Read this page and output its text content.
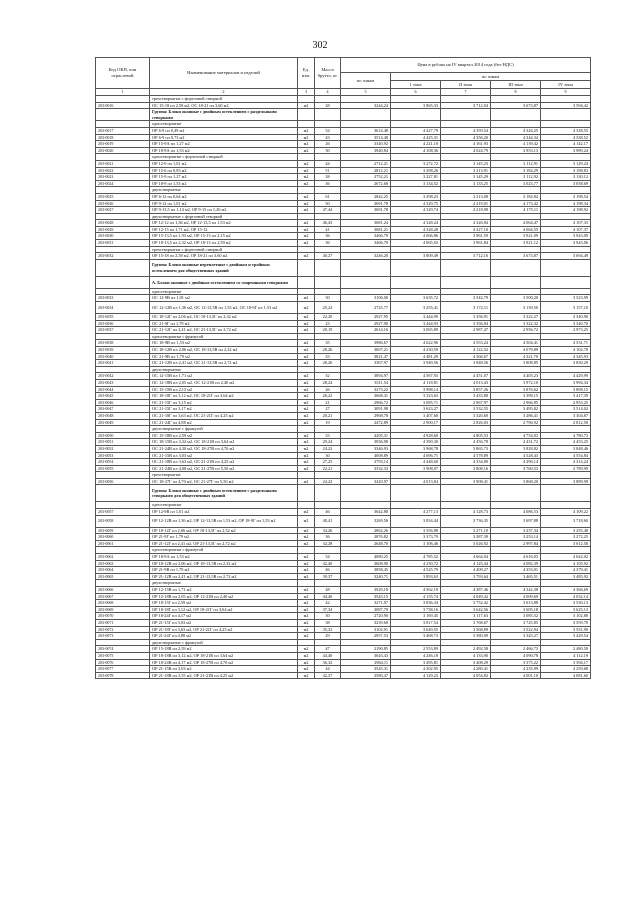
302
Код ОКП, или отраслевой	Наименование материалов и изделий	Ед. изм.	Масса брутто, кг	Цена в рублях на IV квартал 2014 года (без НДС)				
				по зонам	по зонам			
					1 зона	II зона	III зона	IV зона
1	2	3	4	5	6	7	8	9
	трехстворчатые с форточной створкой							
203-0016	ОС 15-18 пл 2,58 м2, ОС 18-21 пл 3,60 м2	м2	28	3244,24	3 865,33	3 712,04	3 673,87	3 594,42
	Группа: Блоки оконные с двойным остеклением с раздельными створками							
	одностворчатые							
203-0017	ОР 6-9 пл 0,49 м2	м2	54	3614,48	4 427,79	4 359,54	4 344,25	4 338,55
203-0018	ОР 6-9 пл 0,73 м2	м2	43	3514,48	4 425,31	4 356,20	4 344,34	4 338,52
203-0019	ОР 15-9А пл 1,27 м2	м2	26	3340,92	4 221,10	4 161,93	4 139,42	4 142,17
203-0020	ОР 18-9А пл 1,53 м2	м2	30	3940,84	4 108,36	4 024,79	3 953,13	3 989,24
	одностворчатые с форточной створкой							
203-0021	ОР 12-9 пл 1,01 м2	м2	44	2712,21	3 272,72	3 145,23	3 112,91	3 129,24
203-0022	ОР 15-6 пл 0,83 м2	м2	51	2812,21	3 298,26	3 213,91	3 184,29	3 198,83
203-0023	ОР 15-9 пл 1,27 м2	м2	38	2752,21	3 227,81	3 145,29	3 112,92	3 130,12
203-0024	ОР 18-9 пл 1,53 м2	м2	36	2672,68	3 134,52	3 133,25	3 023,77	3 038,69
	двухстворчатые							
203-0025	ОР 6-12 пл 0,64 м2	м2	61	2842,25	3 298,23	3 213,08	3 184,84	3 198,54
203-0026	ОР 9-12 пл 1,01 м2	м2	50	3691,78	4 329,75	4 219,01	4 173,42	4 198,34
203-0027	ОР 9-13,5 пл 1,14 м2, ОР 9-15 пл 1,26 м2	м2	47,44	3691,78	4 329,74	4 218,98	4 175,11	4 198,92
	двухстворчатые с форточной створкой							
203-0028	ОР 12-12 пл 1,36 м2, ОР 12-13,5 пл 1,53 м2	м2	46,43	3681,24	4 328,24	4 326,84	4 064,47	4 107,33
203-0029	ОР 12-15 пл 1,71 м2, ОР 15-12	м2	41	3681,21	4 328,28	4 327,10	4 064,55	4 107,37
203-0030	ОР 15-13,5 пл 1,93 м2, ОР 15-15 пл 2,15 м2	м2	36	3466,79	4 066,86	3 961,59	3 921,09	3 943,09
203-0031	ОР 18-13,5 пл 2,32 м2, ОР 18-15 пл 2,59 м2	м2	36	3466,79	4 065,92	3 961,84	3 921,12	3 943,06
	трехстворчатые с форточной створкой							
203-0032	ОР 15-18 пл 2,58 м2, ОР 18-21 пл 3,60 м2	м2	40,27	3246,20	3 809,49	3 712,16	3 673,87	3 694,49
	Группа: Блоки оконные переплетные с двойным и тройным остеклением для общественных зданий							
	А. Блоки оконные с двойным остеклением со спаренными створками							
	одностворчатые							
203-0033	ОС 12-9В пл 1,01 м2	м2	30	3106,00	3 635,72	3 542,79	3 500,20	3 523,99
203-0034	ОС 12-12В пл 1,36 м2, ОС 12-13,5В пл 1,53 м2, ОС 18-9Г пл 1,53 м2	м2	25,24	2725,77	3 255,41	3 172,11	3 139,50	3 157,10
203-0035	ОС 18-12Г пл 2,06 м2, ОС 18-13,5Г пл 2,32 м2	м2	22,20	2927,95	3 444,99	3 356,91	3 322,27	3 340,90
203-0036	ОС 21-9Г пл 1,79 м2	м2	23	2927,90	3 444,93	3 356,84	3 322,32	3 340,70
203-0037	ОС 21-12Г пл 2,41 м2, ОС 21-13,5Г пл 2,72 м2	м2	20,19	2614,16	3 065,89	2 987,47	2 956,72	2 973,25
	одностворчатые с фрамугой							
203-0038	ОС 18-9В пл 1,53 м2	м2	35	3986,67	4 622,96	4 553,24	4 504,41	4 531,71
203-0039	ОС 18-12В пл 2,06 м2, ОС 18-13,5В пл 2,32 м2	м2	28,26	3607,21	4 230,59	4 122,32	4 079,89	4 102,78
203-0040	ОС 21-9В пл 1,79 м2	м2	33	3821,47	4 481,29	4 366,67	4 321,70	4 345,93
203-0041	ОС 21-12В пл 2,41 м2, ОС 21-13,5В пл 2,72 м2	м2	28,26	3367,97	3 949,56	3 848,56	3 808,85	3 830,29
	двухстворчатые							
203-0042	ОС 12-15В пл 1,71 м2	м2	32	3894,97	4 567,93	4 451,07	4 405,23	4 429,99
203-0043	ОС 12-18В пл 2,05 м2, ОС 12-21В пл 2,40 м2	м2	28,24	3511,54	4 118,81	4 013,43	3 972,10	3 994,34
203-0044	ОС 15-15В пл 2,15 м2	м2	26	3273,22	3 998,14	3 857,26	3 876,62	3 898,15
203-0045	ОС 18-18Г пл 3,12 м2, ОС 18-21Г пл 3,64 м2	м2	26,22	3668,41	3 323,63	3 433,88	3 398,15	3 417,39
203-0046	ОС 21-15Г пл 3,15 м2	м2	21	2966,72	3 085,71	2 967,97	2 966,85	2 953,25
203-0047	ОС 21-15Г пл 3,17 м2	м2	27	3091,98	3 623,27	3 532,55	3 495,82	3 514,02
203-0048	ОС 21-18Г пл 3,63 м2, ОС 21-21Г пл 4,25 м2	м2	20,21	2968,78	3 407,60	3 320,60	3 286,41	3 304,87
203-0049	ОС 21-24Г пл 4,88 м2	м2	19	2472,89	2 900,17	2 826,03	2 796,92	2 812,58
	двухстворчатые с фрамугой							
203-0050	ОС 15-18В пл 2,59 м2	м2	33	4205,31	4 928,60	4 805,53	4 754,03	4 780,73
203-0051	ОС 18-15В пл 3,32 м2, ОС 18-21В пл 3,64 м2	м2	29,24	3936,98	4 390,30	4 456,78	4 431,72	4 453,25
203-0052	ОС 21-24В пл 4,30 м2, ОС 18-27В пл 4,70 м2	м2	24,22	3346,93	3 968,78	3 865,73	3 828,82	3 848,46
203-0053	ОС 21-15В пл 3,03 м2	м2	30	4008,89	4 696,71	4 578,89	4 528,43	4 554,84
203-0054	ОС 21-18В пл 3,63 м2, ОС 21-21В пл 4,25 м2	м2	27,25	3793,14	4 448,60	4 334,80	4 296,14	4 314,24
203-0055	ОС 21-24В пл 4,88 м2, ОС 21-27В пл 5,50 м2	м2	22,21	3332,33	3 908,07	3 808,16	3 769,53	3 789,99
	трехстворчатые							
203-0056	ОС 18-27Г пл 4,70 м2, ОС 21-27Г пл 5,50 м2	м2	24,22	3420,97	4 013,84	3 908,41	3 868,20	3 889,99
	Группа: Блоки оконные с двойным остеклением с раздельными створками для общественных зданий							
	одностворчатые							
203-0057	ОР 12-9В пл 1,01 м2	м2	46	3642,88	4 277,13	4 128,73	4 086,53	4 109,22
203-0058	ОР 12-12В пл 1,36 м2, ОР 12-13,5В пл 1,53 м2, ОР 18-9Г пл 1,53 м2	м2	40,41	3269,56	3 834,44	3 736,35	3 697,88	3 718,60
203-0059	ОР 18-12Г пл 2,06 м2, ОР 18-13,5Г пл 2,32 м2	м2	34,26	2862,26	3 356,88	3 271,10	3 237,34	3 255,48
203-0060	ОР 21-9Г пл 1,79 м2	м2	36	2876,82	3 373,79	3 287,39	3 253,14	3 272,25
203-0061	ОР 21-12Г пл 2,41 м2, ОР 21-13,5Г пл 2,72 м2	м2	32,28	2648,70	3 106,46	3 026,92	2 997,84	3 012,58
	одностворчатые с фрамугой							
203-0062	ОР 18-9А пл 1,53 м2	м2	54	4080,25	4 785,52	4 664,04	4 616,03	4 642,02
203-0063	ОР 18-12В пл 2,06 м2, ОР 18-13,5В пл 2,32 м2	м2	42,40	3608,90	4 230,72	4 125,44	4 082,39	4 105,92
203-0064	ОР 21-9В пл 1,79 м2	м2	46	3858,45	4 525,79	4 409,27	4 353,01	4 379,41
203-0065	ОР 21-12В пл 2,41 м2, ОР 21-13,5В пл 2,72 м2	м2	39,37	3240,71	3 893,63	3 793,64	3 465,51	3 485,92
	двухстворчатые							
203-0066	ОР 12-15В пл 1,71 м2	м2	48	3929,18	4 562,19	4 387,46	4 342,38	4 366,69
203-0067	ОР 12-18В пл 2,05 м2, ОР 12-21В пл 2,40 м2	м2	44,40	3543,15	4 155,74	4 049,42	4 009,69	4 032,14
203-0068	ОР 18-15Г пл 2,59 м2	м2	42	3271,07	3 836,34	3 752,42	3 613,88	3 530,13
203-0069	ОР 18-18Г пл 3,12 м2, ОР 18-21Г пл 3,64 м2	м2	37,34	3087,79	3 738,16	3 642,56	3 605,18	3 625,13
203-0070	ОР 18-24Г пл 4,17 м2	м2	30	2720,90	3 169,45	3 117,63	3 085,52	3 102,88
203-0071	ОР 21-15Г пл 3,03 м2	м2	38	3239,60	3 817,54	3 768,67	3 725,85	3 559,70
203-0072	ОР 21-18Г пл 3,63 м2, ОР 21-21Г пл 4,25 м2	м2	35,32	3102,91	3 649,55	3 568,89	3 522,94	3 551,90
203-0073	ОР 21-24Г пл 4,88 м2	м2	29	2957,53	3 468,73	3 380,09	3 345,27	3 429,54
	двухстворчатые с фрамугой							
203-0074	ОР 15-18В пл 2,59 м2	м2	47	2190,85	2 553,89	2 492,58	2 466,73	2 480,58
203-0075	ОР 18-18В пл 3,12 м2, ОР 18-21В пл 3,64 м2	м2	44,40	3643,43	4 246,18	4 133,90	4 090,78	4 112,19
203-0076	ОР 18-24В пл 4,17 м2, ОР 18-27В пл 4,70 м2	м2	36,32	2964,11	3 495,81	3 408,29	3 375,22	3 394,17
203-0077	ОР 21-15В пл 3,03 м2	м2	44	3545,31	4 302,95	4 280,41	4 235,99	4 259,68
203-0078	ОР 21-18В пл 3,55 м2, ОР 21-21В пл 4,25 м2	м2	42,37	3580,47	4 129,23	4 054,82	4 001,10	4 081,60
